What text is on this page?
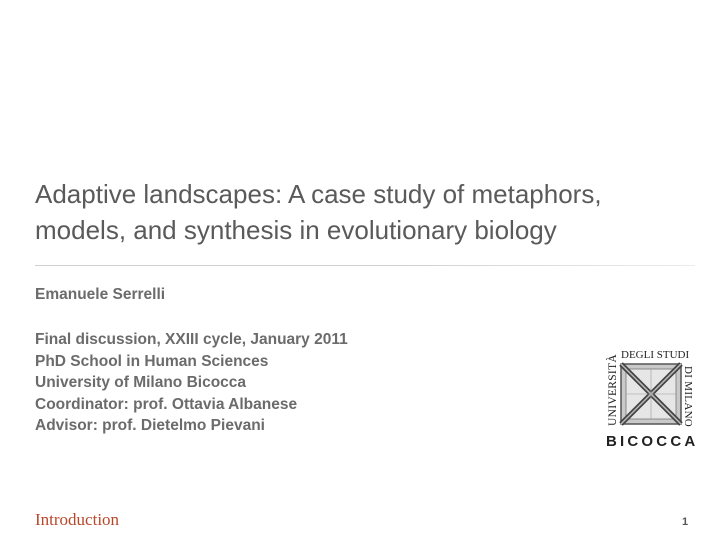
Adaptive landscapes: A case study of metaphors,
models, and synthesis in evolutionary biology

Emanuele Serrelli

Final discussion, XXIII cycle, January 2011
PhD School in Human Sciences
University of Milano Bicocca
Coordinator: prof. Ottavia Albanese
Advisor: prof. Dietelmo Pievani	UNIVERSITÀ DEGLI STUDI
DI MILANO
BICOCCA
Introduction	1
